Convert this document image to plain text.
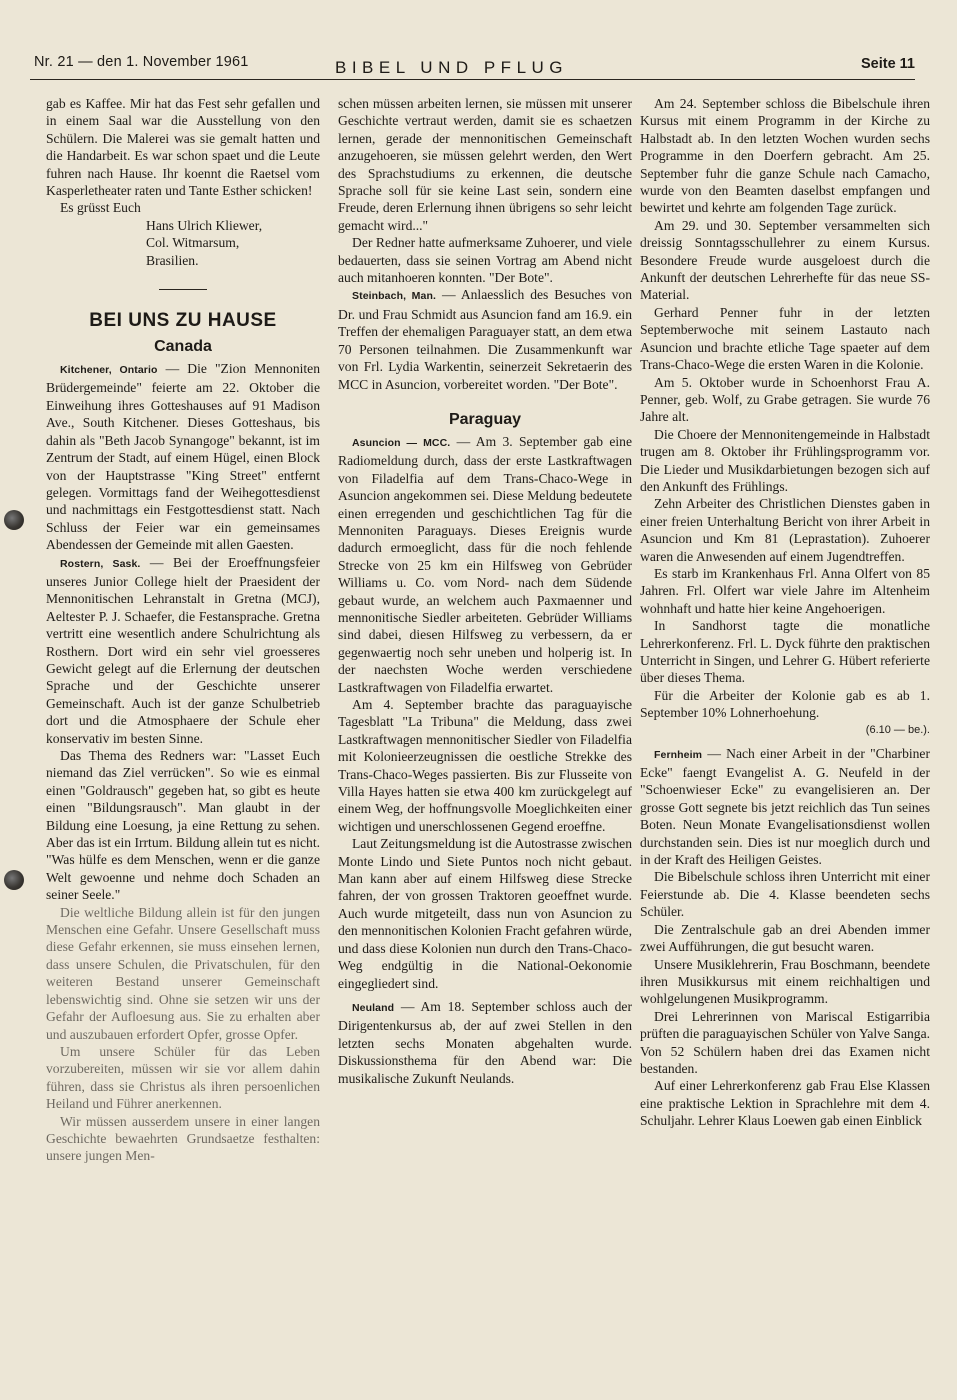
Nr. 21 — den 1. November 1961	BIBEL UND PFLUG	Seite 11

gab es Kaffee. Mir hat das Fest sehr gefallen und in einem Saal war die Ausstellung von den Schülern. Die Malerei was sie gemalt hatten und die Handarbeit. Es war schon spaet und die Leute fuhren nach Hause. Ihr koennt die Raetsel vom Kasperletheater raten und Tante Esther schicken!

Es grüsst Euch

Hans Ulrich Kliewer,
Col. Witmarsum,
Brasilien.
BEI UNS ZU HAUSE
Canada

Kitchener, Ontario — Die "Zion Mennoniten Brüdergemeinde" feierte am 22. Oktober die Einweihung ihres Gotteshauses auf 91 Madison Ave., South Kitchener. Dieses Gotteshaus, bis dahin als "Beth Jacob Synangoge" bekannt, ist im Zentrum der Stadt, auf einem Hügel, einen Block von der Hauptstrasse "King Street" entfernt gelegen. Vormittags fand der Weihegottesdienst und nachmittags ein Festgottesdienst statt. Nach Schluss der Feier war ein gemeinsames Abendessen der Gemeinde mit allen Gaesten.

Rostern, Sask. — Bei der Eroeffnungsfeier unseres Junior College hielt der Praesident der Mennonitischen Lehranstalt in Gretna (MCJ), Aeltester P. J. Schaefer, die Festansprache. Gretna vertritt eine wesentlich andere Schulrichtung als Rosthern. Dort wird ein sehr viel groesseres Gewicht gelegt auf die Erlernung der deutschen Sprache und der Geschichte unserer Gemeinschaft. Auch ist der ganze Schulbetrieb dort und die Atmosphaere der Schule eher konservativ im besten Sinne.

Das Thema des Redners war: "Lasset Euch niemand das Ziel verrücken". So wie es einmal einen "Goldrausch" gegeben hat, so gibt es heute einen "Bildungsrausch". Man glaubt in der Bildung eine Loesung, ja eine Rettung zu sehen. Aber das ist ein Irrtum. Bildung allein tut es nicht. "Was hülfe es dem Menschen, wenn er die ganze Welt gewoenne und nehme doch Schaden an seiner Seele."

Die weltliche Bildung allein ist für den jungen Menschen eine Gefahr. Unsere Gesellschaft muss diese Gefahr erkennen, sie muss einsehen lernen, dass unsere Schulen, die Privatschulen, für den weiteren Bestand unserer Gemeinschaft lebenswichtig sind. Ohne sie setzen wir uns der Gefahr der Aufloesung aus. Sie zu erhalten aber und auszubauen erfordert Opfer, grosse Opfer.

Um unsere Schüler für das Leben vorzubereiten, müssen wir sie vor allem dahin führen, dass sie Christus als ihren persoenlichen Heiland und Führer anerkennen.

Wir müssen ausserdem unsere in einer langen Geschichte bewaehrten Grundsaetze festhalten: unsere jungen Men-

schen müssen arbeiten lernen, sie müssen mit unserer Geschichte vertraut werden, damit sie es schaetzen lernen, gerade der mennonitischen Gemeinschaft anzugehoeren, sie müssen gelehrt werden, den Wert des Sprachstudiums zu erkennen, die deutsche Sprache soll für sie keine Last sein, sondern eine Freude, deren Erlernung ihnen übrigens so sehr leicht gemacht wird..."

Der Redner hatte aufmerksame Zuhoerer, und viele bedauerten, dass sie seinen Vortrag am Abend nicht auch mitanhoeren konnten. "Der Bote".

Steinbach, Man. — Anlaesslich des Besuches von Dr. und Frau Schmidt aus Asuncion fand am 16.9. ein Treffen der ehemaligen Paraguayer statt, an dem etwa 70 Personen teilnahmen. Die Zusammenkunft war von Frl. Lydia Warkentin, seinerzeit Sekretaerin des MCC in Asuncion, vorbereitet worden. "Der Bote".

Paraguay

Asuncion — MCC. — Am 3. September gab eine Radiomeldung durch, dass der erste Lastkraftwagen von Filadelfia auf dem Trans-Chaco-Wege in Asuncion angekommen sei. Diese Meldung bedeutete einen erregenden und geschichtlichen Tag für die Mennoniten Paraguays. Dieses Ereignis wurde dadurch ermoeglicht, dass für die noch fehlende Strecke von 25 km ein Hilfsweg von Gebrüder Williams u. Co. vom Nord- nach dem Südende gebaut wurde, an welchem auch Paxmaenner und mennonitische Siedler arbeiteten. Gebrüder Williams sind dabei, diesen Hilfsweg zu verbessern, da er gegenwaertig noch sehr uneben und holperig ist. In der naechsten Woche werden verschiedene Lastkraftwagen von Filadelfia erwartet.

Am 4. September brachte das paraguayische Tagesblatt "La Tribuna" die Meldung, dass zwei Lastkraftwagen mennonitischer Siedler von Filadelfia mit Kolonieerzeugnissen die oestliche Strekke des Trans-Chaco-Weges passierten. Bis zur Flusseite von Villa Hayes hatten sie etwa 400 km zurückgelegt auf einem Weg, der hoffnungsvolle Moeglichkeiten einer wichtigen und unerschlossenen Gegend eroeffne.

Laut Zeitungsmeldung ist die Autostrasse zwischen Monte Lindo und Siete Puntos noch nicht gebaut. Man kann aber auf einem Hilfsweg diese Strecke fahren, der von grossen Traktoren geoeffnet wurde. Auch wurde mitgeteilt, dass nun von Asuncion zu den mennonitischen Kolonien Fracht gefahren würde, und dass diese Kolonien nun durch den Trans-Chaco-Weg endgültig in die National-Oekonomie eingegliedert sind.

Neuland — Am 18. September schloss auch der Dirigentenkursus ab, der auf zwei Stellen in den letzten sechs Monaten abgehalten wurde. Diskussionsthema für den Abend war: Die musikalische Zukunft Neulands.

Am 24. September schloss die Bibelschule ihren Kursus mit einem Programm in der Kirche zu Halbstadt ab. In den letzten Wochen wurden sechs Programme in den Doerfern gebracht. Am 25. September fuhr die ganze Schule nach Camacho, wurde von den Beamten daselbst empfangen und bewirtet und kehrte am folgenden Tage zurück.

Am 29. und 30. September versammelten sich dreissig Sonntagsschullehrer zu einem Kursus. Besondere Freude wurde ausgeloest durch die Ankunft der deutschen Lehrerhefte für das neue SS-Material.

Gerhard Penner fuhr in der letzten Septemberwoche mit seinem Lastauto nach Asuncion und brachte etliche Tage spaeter auf dem Trans-Chaco-Wege die ersten Waren in die Kolonie.

Am 5. Oktober wurde in Schoenhorst Frau A. Penner, geb. Wolf, zu Grabe getragen. Sie wurde 76 Jahre alt.

Die Choere der Mennonitengemeinde in Halbstadt trugen am 8. Oktober ihr Frühlingsprogramm vor. Die Lieder und Musikdarbietungen bezogen sich auf den Ankunft des Frühlings.

Zehn Arbeiter des Christlichen Dienstes gaben in einer freien Unterhaltung Bericht von ihrer Arbeit in Asuncion und Km 81 (Leprastation). Zuhoerer waren die Anwesenden auf einem Jugendtreffen.

Es starb im Krankenhaus Frl. Anna Olfert von 85 Jahren. Frl. Olfert war viele Jahre im Altenheim wohnhaft und hatte hier keine Angehoerigen.

In Sandhorst tagte die monatliche Lehrerkonferenz. Frl. L. Dyck führte den praktischen Unterricht in Singen, und Lehrer G. Hübert referierte über dieses Thema.

Für die Arbeiter der Kolonie gab es ab 1. September 10% Lohnerhoehung.

(6.10 — be.).

Fernheim — Nach einer Arbeit in der "Charbiner Ecke" faengt Evangelist A. G. Neufeld in der "Schoenwieser Ecke" zu evangelisieren an. Der grosse Gott segnete bis jetzt reichlich das Tun seines Boten. Neun Monate Evangelisationsdienst wollen durchstanden sein. Dies ist nur moeglich durch und in der Kraft des Heiligen Geistes.

Die Bibelschule schloss ihren Unterricht mit einer Feierstunde ab. Die 4. Klasse beendeten sechs Schüler.

Die Zentralschule gab an drei Abenden immer zwei Aufführungen, die gut besucht waren.

Unsere Musiklehrerin, Frau Boschmann, beendete ihren Musikkursus mit einem reichhaltigen und wohlgelungenen Musikprogramm.

Drei Lehrerinnen von Mariscal Estigarribia prüften die paraguayischen Schüler von Yalve Sanga. Von 52 Schülern haben drei das Examen nicht bestanden.

Auf einer Lehrerkonferenz gab Frau Else Klassen eine praktische Lektion in Sprachlehre mit dem 4. Schuljahr. Lehrer Klaus Loewen gab einen Einblick
